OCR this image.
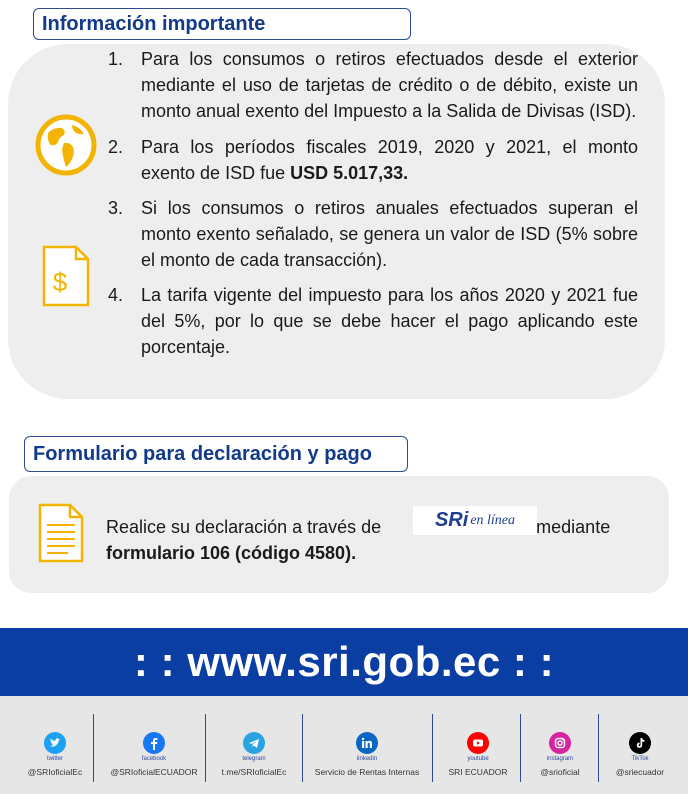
Información importante
$
1. Para los consumos o retiros efectuados desde el exterior mediante el uso de tarjetas de crédito o de débito, existe un monto anual exento del Impuesto a la Salida de Divisas (ISD).
2. Para los períodos fiscales 2019, 2020 y 2021, el monto exento de ISD fue USD 5.017,33.
3. Si los consumos o retiros anuales efectuados superan el monto exento señalado, se genera un valor de ISD (5% sobre el monto de cada transacción).
4. La tarifa vigente del impuesto para los años 2020 y 2021 fue del 5%, por lo que se debe hacer el pago aplicando este porcentaje.
Formulario para declaración y pago
SRi en línea
Realice su declaración a través de	mediante
formulario 106 (código 4580).
: : www.sri.gob.ec : :
twitter
@SRIoficialEc
facebook
@SRIoficialECUADOR
telegram
t.me/SRIoficialEc
linkedin
Servicio de Rentas Internas
youtube
SRI ECUADOR
instagram
@srioficial
TikTok
@sriecuador
